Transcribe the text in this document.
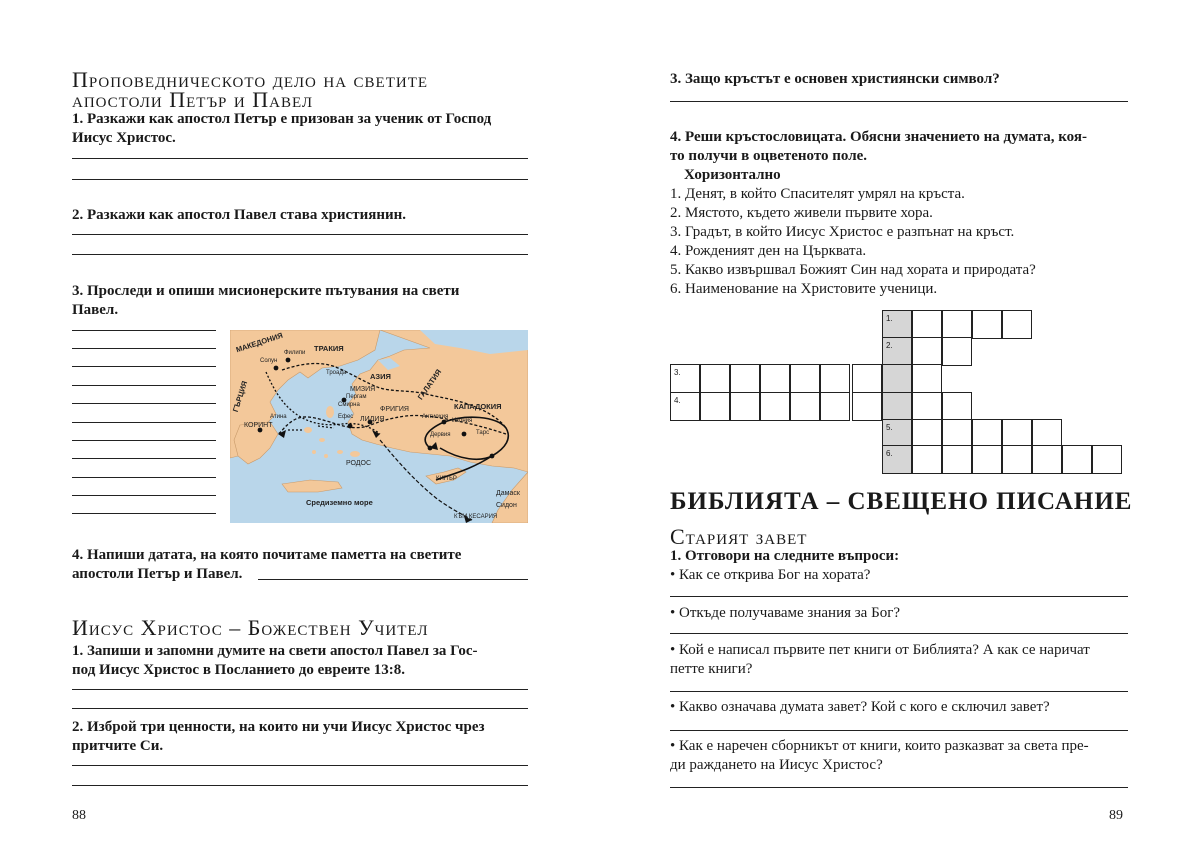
Проповедническото дело на светите
апостоли Петър и Павел
1. Разкажи как апостол Петър е призован за ученик от Господ
Иисус Христос.
2. Разкажи как апостол Павел става християнин.
3. Проследи и опиши мисионерските пътувания на свети
Павел.
МАКЕДОНИЯ	ТРАКИЯ
АЗИЯ	ГАЛАТИЯ
ГЪРЦИЯ	КАПАДОКИЯ
МИЗИЯ
ФРИГИЯ
ЛИДИЯ
КОРИНТ
РОДОС
Средиземно море
Дамаск
Сидон
КЪМ КЕСАРИЯ
КИПЪР
Филипи
Солун
Смирна
Ефес
Пергам
Антиохия
Икония
Дервия	Тарс
Троада
Атина
4. Напиши датата, на която почитаме паметта на светите
апостоли Петър и Павел.
Иисус Христос – Божествен Учител
1. Запиши и запомни думите на свети апостол Павел за Гос-
под Иисус Христос в Посланието до евреите 13:8.
2. Изброй три ценности, на които ни учи Иисус Христос чрез
притчите Си.
88
3. Защо кръстът е основен християнски символ?
4. Реши кръстословицата. Обясни значението на думата, коя-
то получи в оцветеното поле.
Хоризонтално
1. Денят, в който Спасителят умрял на кръста.
2. Мястото, където живели първите хора.
3. Градът, в който Иисус Христос е разпънат на кръст.
4. Рожденият ден на Църквата.
5. Какво извършвал Божият Син над хората и природата?
6. Наименование на Христовите ученици.
1.
2.
3.
4.
5.
6.
БИБЛИЯТА – СВЕЩЕНО ПИСАНИЕ
Старият завет
1. Отговори на следните въпроси:
• Как се открива Бог на хората?
• Откъде получаваме знания за Бог?
• Кой е написал първите пет книги от Библията? А как се наричат
петте книги?
• Какво означава думата завет? Кой с кого е сключил завет?
• Как е наречен сборникът от книги, които разказват за света пре-
ди раждането на Иисус Христос?
89
